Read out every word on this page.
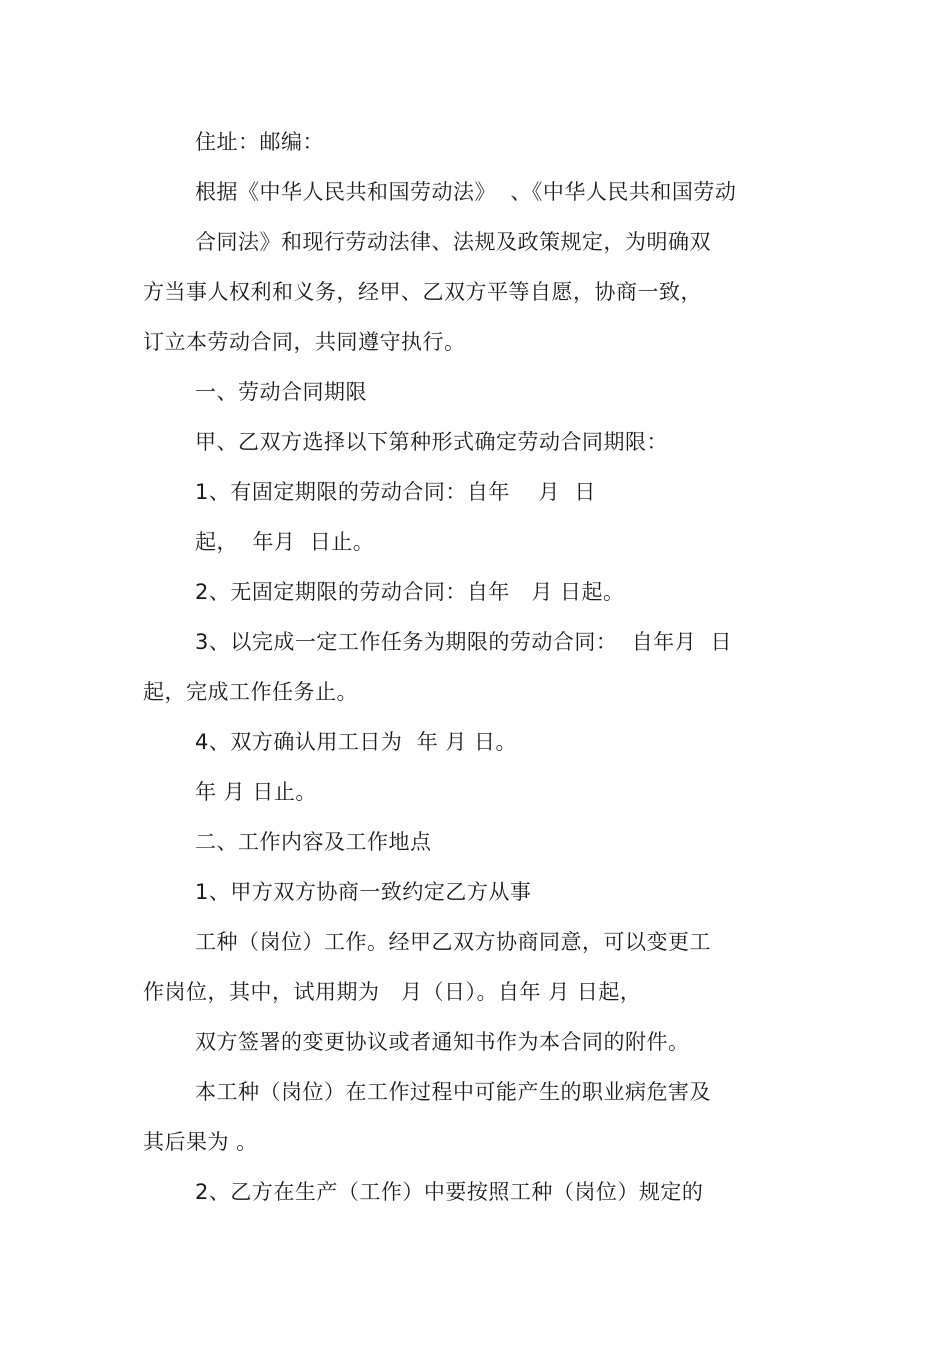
住址：邮编：
根据《中华人民共和国劳动法》  、《中华人民共和国劳动
合同法》和现行劳动法律、法规及政策规定，为明确双
方当事人权利和义务，经甲、乙双方平等自愿，协商一致，
订立本劳动合同，共同遵守执行。
一、劳动合同期限
甲、乙双方选择以下第种形式确定劳动合同期限：
1、有固定期限的劳动合同：自年    月  日
起，  年月  日止。
2、无固定期限的劳动合同：自年   月 日起。
3、以完成一定工作任务为期限的劳动合同：  自年月  日
起，完成工作任务止。
4、双方确认用工日为  年 月 日。
年 月 日止。
二、工作内容及工作地点
1、甲方双方协商一致约定乙方从事
工种（岗位）工作。经甲乙双方协商同意，可以变更工
作岗位，其中，试用期为   月（日）。自年 月 日起，
双方签署的变更协议或者通知书作为本合同的附件。
本工种（岗位）在工作过程中可能产生的职业病危害及
其后果为 。
2、乙方在生产（工作）中要按照工种（岗位）规定的
